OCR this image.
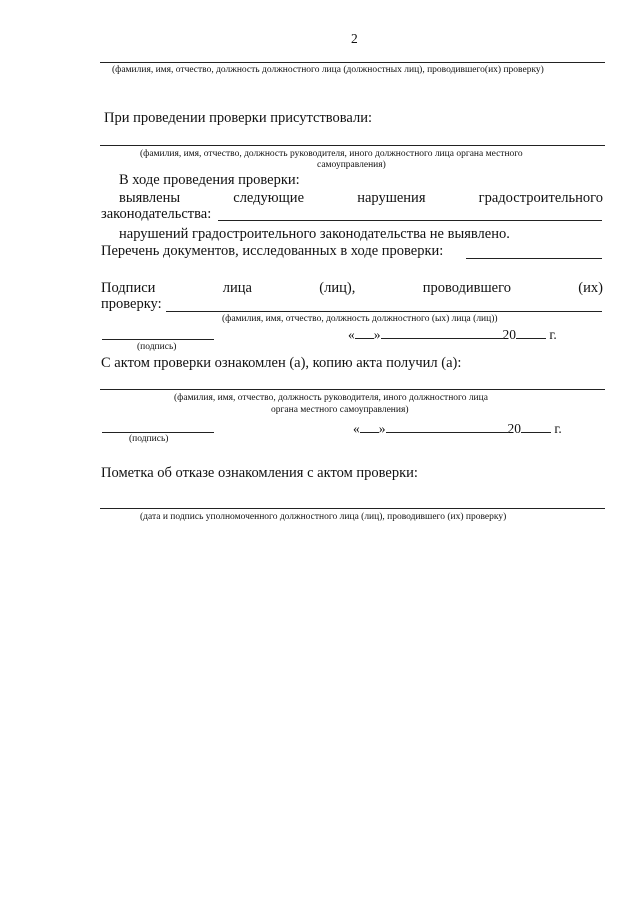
2
(фамилия, имя, отчество, должность должностного лица (должностных лиц), проводившего(их) проверку)
При проведении проверки присутствовали:
(фамилия, имя, отчество, должность руководителя, иного должностного лица органа местного
самоуправления)
В ходе проведения проверки:
выявлены	следующие	нарушения	градостроительного
законодательства:
нарушений градостроительного законодательства не выявлено.
Перечень документов, исследованных в ходе проверки:
Подписи	лица	(лиц),	проводившего	(их)
проверку:
(фамилия, имя, отчество, должность должностного (ых) лица (лиц))
(подпись)
« »	20 г.
С актом проверки ознакомлен (а), копию акта получил (а):
(фамилия, имя, отчество, должность руководителя, иного должностного лица
органа местного самоуправления)
(подпись)
« »	20 г.
Пометка об отказе ознакомления с актом проверки:
(дата и подпись уполномоченного должностного лица (лиц), проводившего (их) проверку)
